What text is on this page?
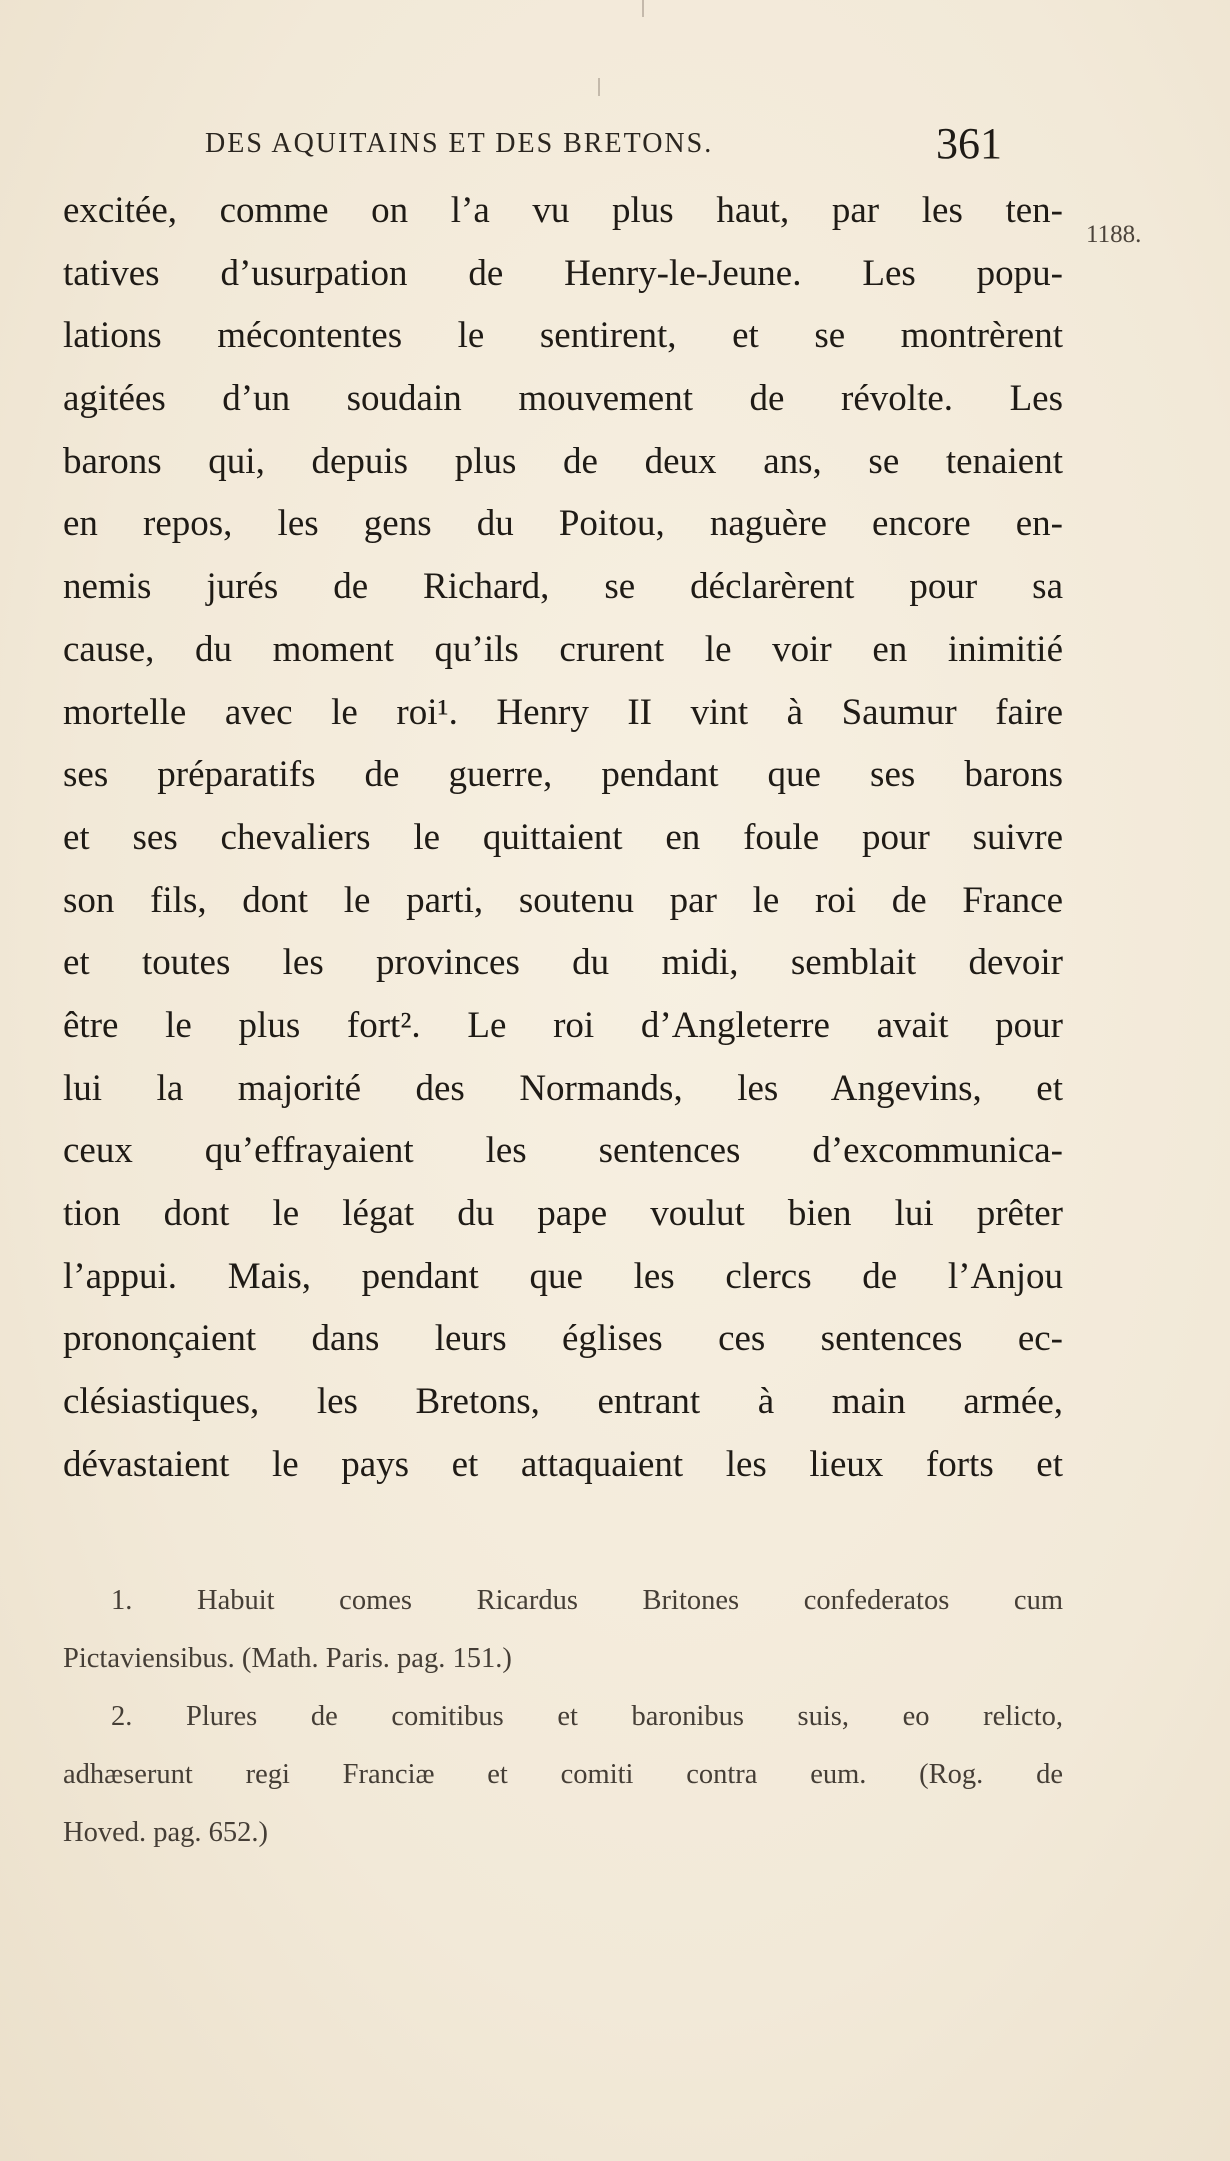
DES AQUITAINS ET DES BRETONS.	361
1188.
excitée, comme on l’a vu plus haut, par les ten-
tatives d’usurpation de Henry-le-Jeune. Les popu-
lations mécontentes le sentirent, et se montrèrent
agitées d’un soudain mouvement de révolte. Les
barons qui, depuis plus de deux ans, se tenaient
en repos, les gens du Poitou, naguère encore en-
nemis jurés de Richard, se déclarèrent pour sa
cause, du moment qu’ils crurent le voir en inimitié
mortelle avec le roi¹. Henry II vint à Saumur faire
ses préparatifs de guerre, pendant que ses barons
et ses chevaliers le quittaient en foule pour suivre
son fils, dont le parti, soutenu par le roi de France
et toutes les provinces du midi, semblait devoir
être le plus fort². Le roi d’Angleterre avait pour
lui la majorité des Normands, les Angevins, et
ceux qu’effrayaient les sentences d’excommunica-
tion dont le légat du pape voulut bien lui prêter
l’appui. Mais, pendant que les clercs de l’Anjou
prononçaient dans leurs églises ces sentences ec-
clésiastiques, les Bretons, entrant à main armée,
dévastaient le pays et attaquaient les lieux forts et
1. Habuit comes Ricardus Britones confederatos cum
Pictaviensibus. (Math. Paris. pag. 151.)
2. Plures de comitibus et baronibus suis, eo relicto,
adhæserunt regi Franciæ et comiti contra eum. (Rog. de
Hoved. pag. 652.)
